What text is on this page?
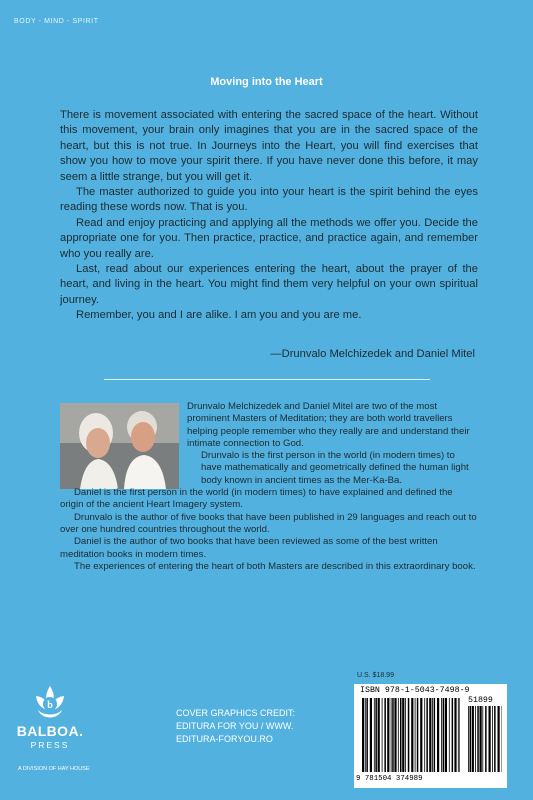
BODY - MIND - SPIRIT
Moving into the Heart

There is movement associated with entering the sacred space of the heart. Without this movement, your brain only imagines that you are in the sacred space of the heart, but this is not true. In Journeys into the Heart, you will find exercises that show you how to move your spirit there. If you have never done this before, it may seem a little strange, but you will get it.

The master authorized to guide you into your heart is the spirit behind the eyes reading these words now. That is you.

Read and enjoy practicing and applying all the methods we offer you. Decide the appropriate one for you. Then practice, practice, and practice again, and remember who you really are.

Last, read about our experiences entering the heart, about the prayer of the heart, and living in the heart. You might find them very helpful on your own spiritual journey.

Remember, you and I are alike. I am you and you are me.

—Drunvalo Melchizedek and Daniel Mitel

Drunvalo Melchizedek and Daniel Mitel are two of the most prominent Masters of Meditation; they are both world travellers helping people remember who they really are and understand their intimate connection to God.

Drunvalo is the first person in the world (in modern times) to have mathematically and geometrically defined the human light body known in ancient times as the Mer-Ka-Ba.

Daniel is the first person in the world (in modern times) to have explained and defined the origin of the ancient Heart Imagery system.

Drunvalo is the author of five books that have been published in 29 languages and reach out to over one hundred countries throughout the world.

Daniel is the author of two books that have been reviewed as some of the best written meditation books in modern times.

The experiences of entering the heart of both Masters are described in this extraordinary book.

b
BALBOA.
PRESS
A DIVISION OF HAY HOUSE
COVER GRAPHICS CREDIT:
EDITURA FOR YOU / WWW.
EDITURA-FORYOU.RO
U.S. $18.99
ISBN 978-1-5043-7498-9
51899
9 781504 374989
